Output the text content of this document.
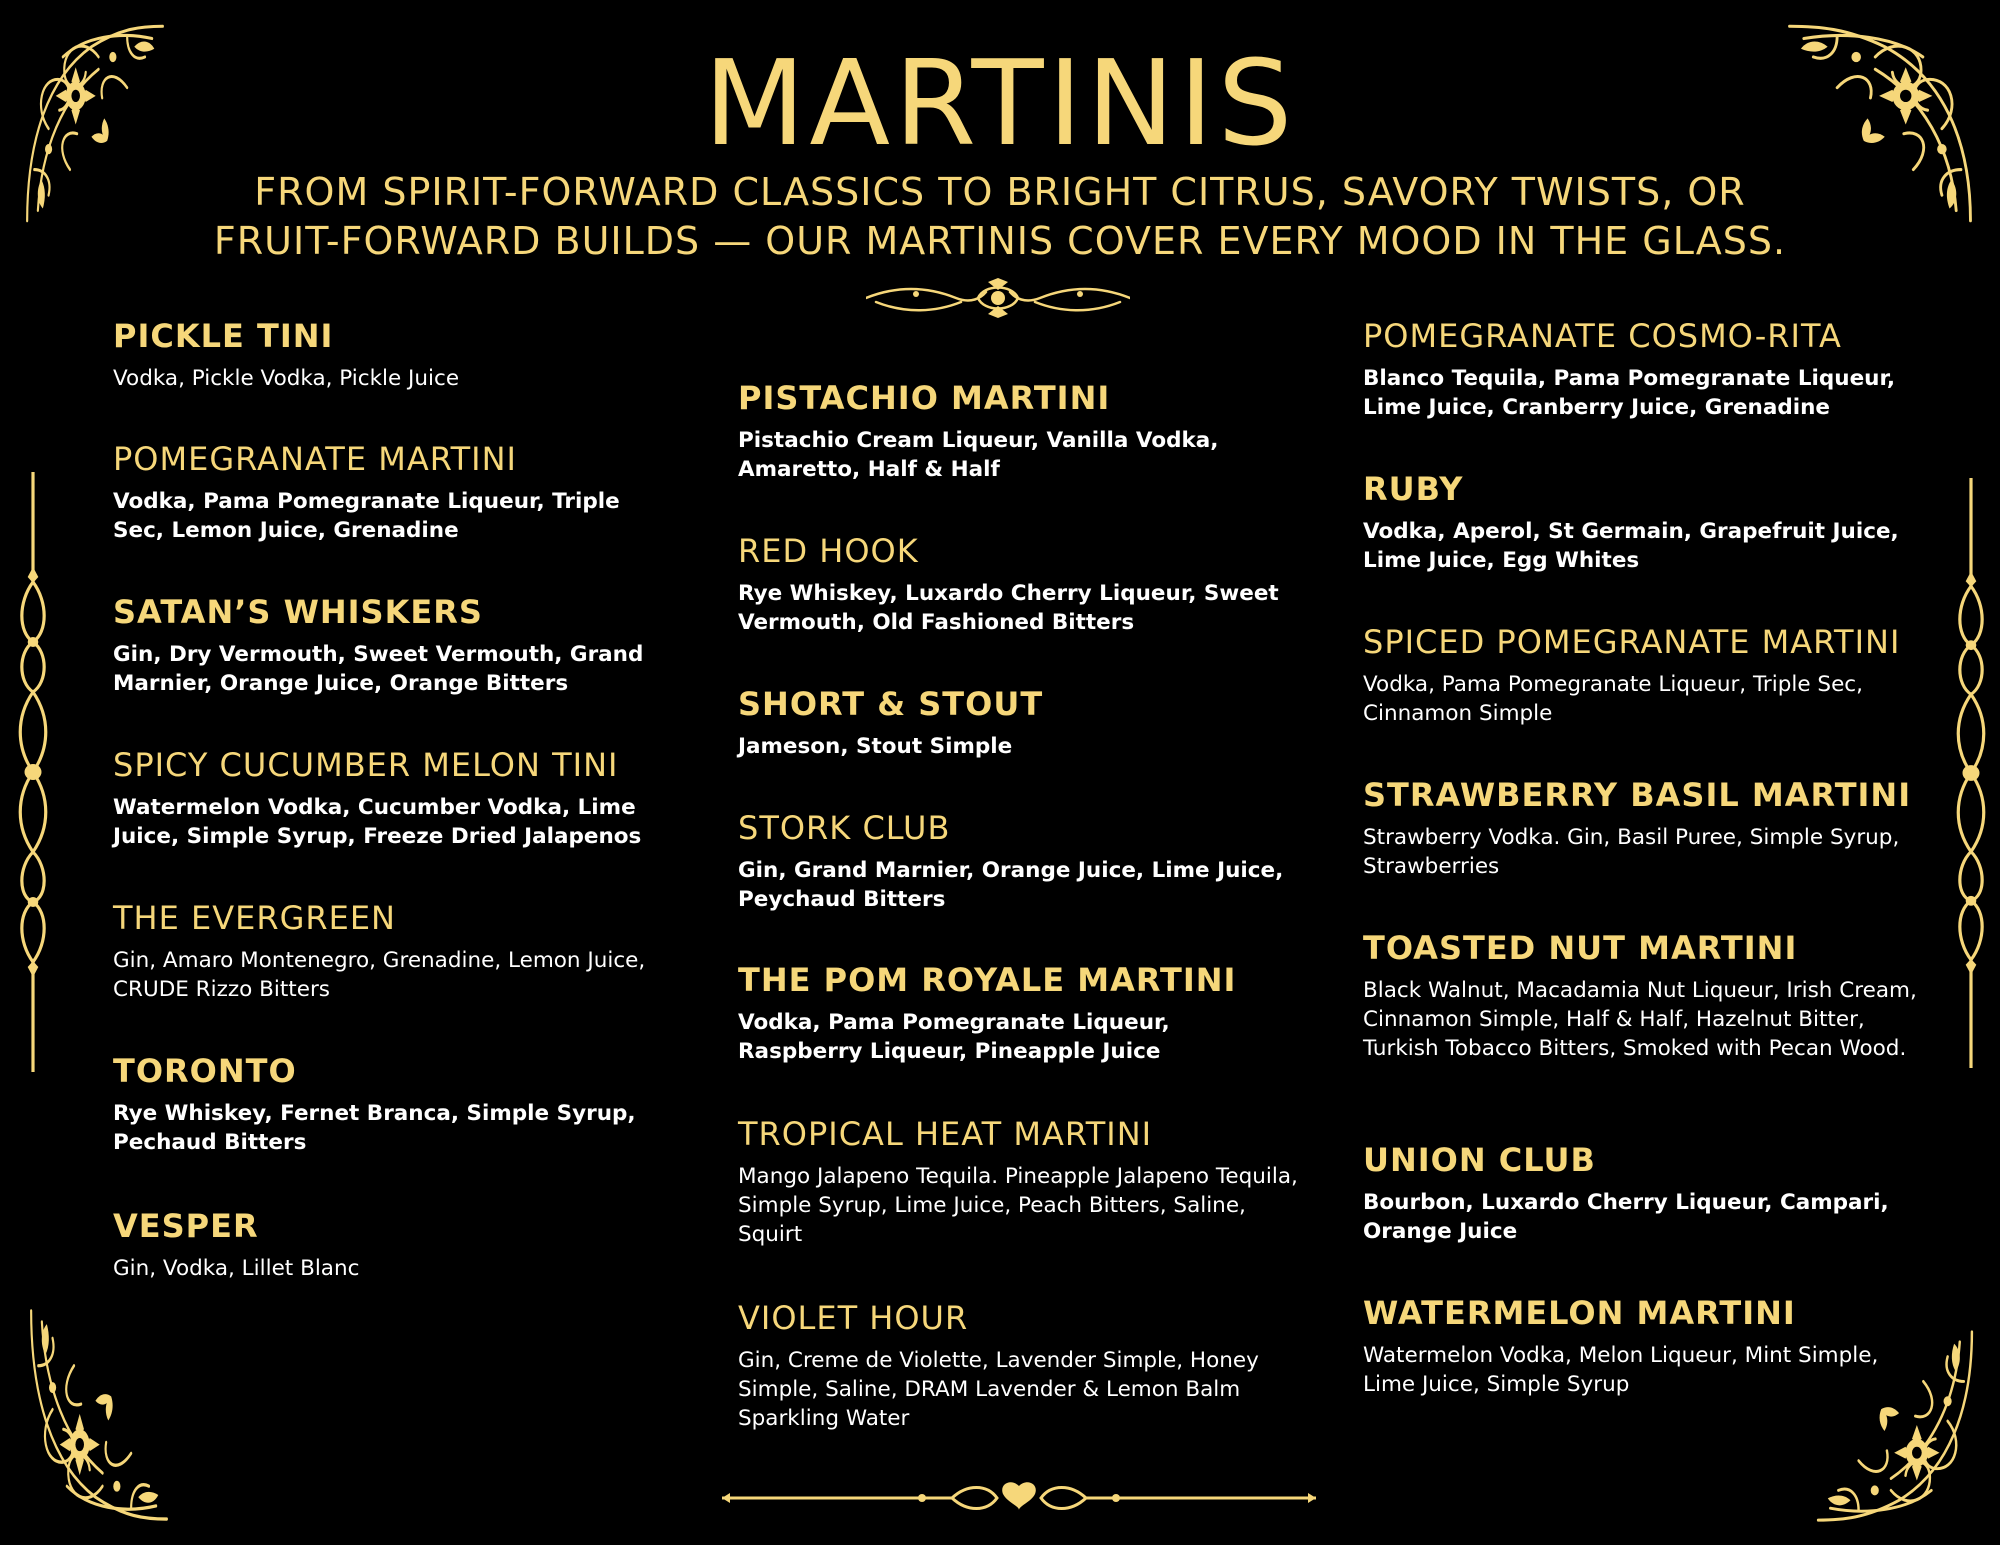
MARTINIS
FROM SPIRIT-FORWARD CLASSICS TO BRIGHT CITRUS, SAVORY TWISTS, OR
FRUIT-FORWARD BUILDS — OUR MARTINIS COVER EVERY MOOD IN THE GLASS.
PICKLE TINI

Vodka, Pickle Vodka, Pickle Juice

POMEGRANATE MARTINI

Vodka, Pama Pomegranate Liqueur, Triple Sec, Lemon Juice, Grenadine

SATAN’S WHISKERS

Gin, Dry Vermouth, Sweet Vermouth, Grand Marnier, Orange Juice, Orange Bitters

SPICY CUCUMBER MELON TINI

Watermelon Vodka, Cucumber Vodka, Lime Juice, Simple Syrup, Freeze Dried Jalapenos

THE EVERGREEN

Gin, Amaro Montenegro, Grenadine, Lemon Juice, CRUDE Rizzo Bitters

TORONTO

Rye Whiskey, Fernet Branca, Simple Syrup, Pechaud Bitters

VESPER

Gin, Vodka, Lillet Blanc

PISTACHIO MARTINI

Pistachio Cream Liqueur, Vanilla Vodka, Amaretto, Half & Half

RED HOOK

Rye Whiskey, Luxardo Cherry Liqueur, Sweet Vermouth, Old Fashioned Bitters

SHORT & STOUT

Jameson, Stout Simple

STORK CLUB

Gin, Grand Marnier, Orange Juice, Lime Juice, Peychaud Bitters

THE POM ROYALE MARTINI

Vodka, Pama Pomegranate Liqueur, Raspberry Liqueur, Pineapple Juice

TROPICAL HEAT MARTINI

Mango Jalapeno Tequila. Pineapple Jalapeno Tequila, Simple Syrup, Lime Juice, Peach Bitters, Saline, Squirt

VIOLET HOUR

Gin, Creme de Violette, Lavender Simple, Honey Simple, Saline, DRAM Lavender & Lemon Balm Sparkling Water

POMEGRANATE COSMO-RITA

Blanco Tequila, Pama Pomegranate Liqueur, Lime Juice, Cranberry Juice, Grenadine

RUBY

Vodka, Aperol, St Germain, Grapefruit Juice, Lime Juice, Egg Whites

SPICED POMEGRANATE MARTINI

Vodka, Pama Pomegranate Liqueur, Triple Sec, Cinnamon Simple

STRAWBERRY BASIL MARTINI

Strawberry Vodka. Gin, Basil Puree, Simple Syrup, Strawberries

TOASTED NUT MARTINI

Black Walnut, Macadamia Nut Liqueur, Irish Cream, Cinnamon Simple, Half & Half, Hazelnut Bitter, Turkish Tobacco Bitters, Smoked with Pecan Wood.

UNION CLUB

Bourbon, Luxardo Cherry Liqueur, Campari, Orange Juice

WATERMELON MARTINI

Watermelon Vodka, Melon Liqueur, Mint Simple, Lime Juice, Simple Syrup
